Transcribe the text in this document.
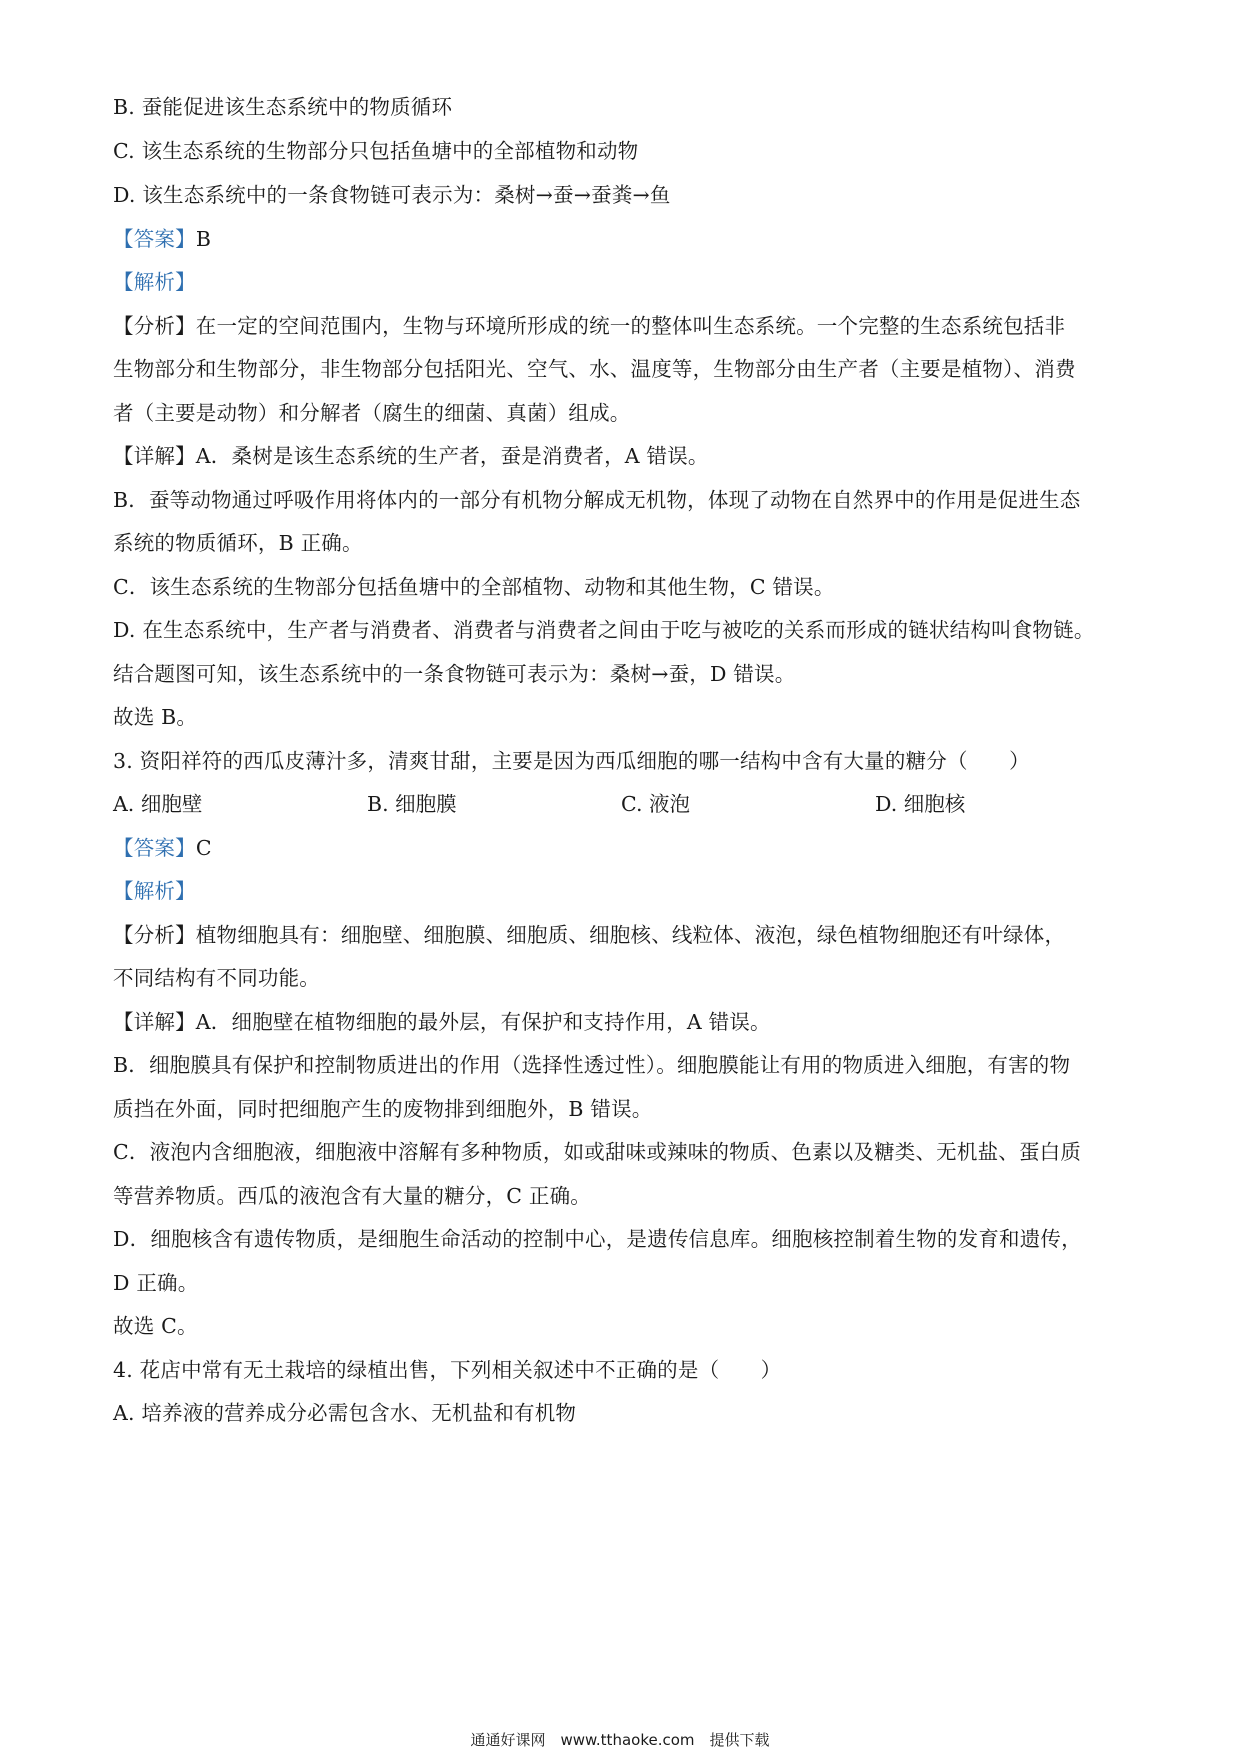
B. 蚕能促进该生态系统中的物质循环

C. 该生态系统的生物部分只包括鱼塘中的全部植物和动物

D. 该生态系统中的一条食物链可表示为：桑树→蚕→蚕粪→鱼

【答案】B

【解析】

【分析】在一定的空间范围内，生物与环境所形成的统一的整体叫生态系统。一个完整的生态系统包括非

生物部分和生物部分，非生物部分包括阳光、空气、水、温度等，生物部分由生产者（主要是植物）、消费

者（主要是动物）和分解者（腐生的细菌、真菌）组成。

【详解】A．桑树是该生态系统的生产者，蚕是消费者，A 错误。

B．蚕等动物通过呼吸作用将体内的一部分有机物分解成无机物，体现了动物在自然界中的作用是促进生态

系统的物质循环，B 正确。

C．该生态系统的生物部分包括鱼塘中的全部植物、动物和其他生物，C 错误。

D. 在生态系统中，生产者与消费者、消费者与消费者之间由于吃与被吃的关系而形成的链状结构叫食物链。

结合题图可知，该生态系统中的一条食物链可表示为：桑树→蚕，D 错误。

故选 B。

3. 资阳祥符的西瓜皮薄汁多，清爽甘甜，主要是因为西瓜细胞的哪一结构中含有大量的糖分（　　）

A. 细胞壁	B. 细胞膜	C. 液泡	D. 细胞核

【答案】C

【解析】

【分析】植物细胞具有：细胞壁、细胞膜、细胞质、细胞核、线粒体、液泡，绿色植物细胞还有叶绿体，

不同结构有不同功能。

【详解】A．细胞壁在植物细胞的最外层，有保护和支持作用，A 错误。

B．细胞膜具有保护和控制物质进出的作用（选择性透过性）。细胞膜能让有用的物质进入细胞，有害的物

质挡在外面，同时把细胞产生的废物排到细胞外，B 错误。

C．液泡内含细胞液，细胞液中溶解有多种物质，如或甜味或辣味的物质、色素以及糖类、无机盐、蛋白质

等营养物质。西瓜的液泡含有大量的糖分，C 正确。

D．细胞核含有遗传物质，是细胞生命活动的控制中心，是遗传信息库。细胞核控制着生物的发育和遗传，

D 正确。

故选 C。

4. 花店中常有无土栽培的绿植出售，下列相关叙述中不正确的是（　　）

A. 培养液的营养成分必需包含水、无机盐和有机物

通通好课网　www.tthaoke.com　提供下载
